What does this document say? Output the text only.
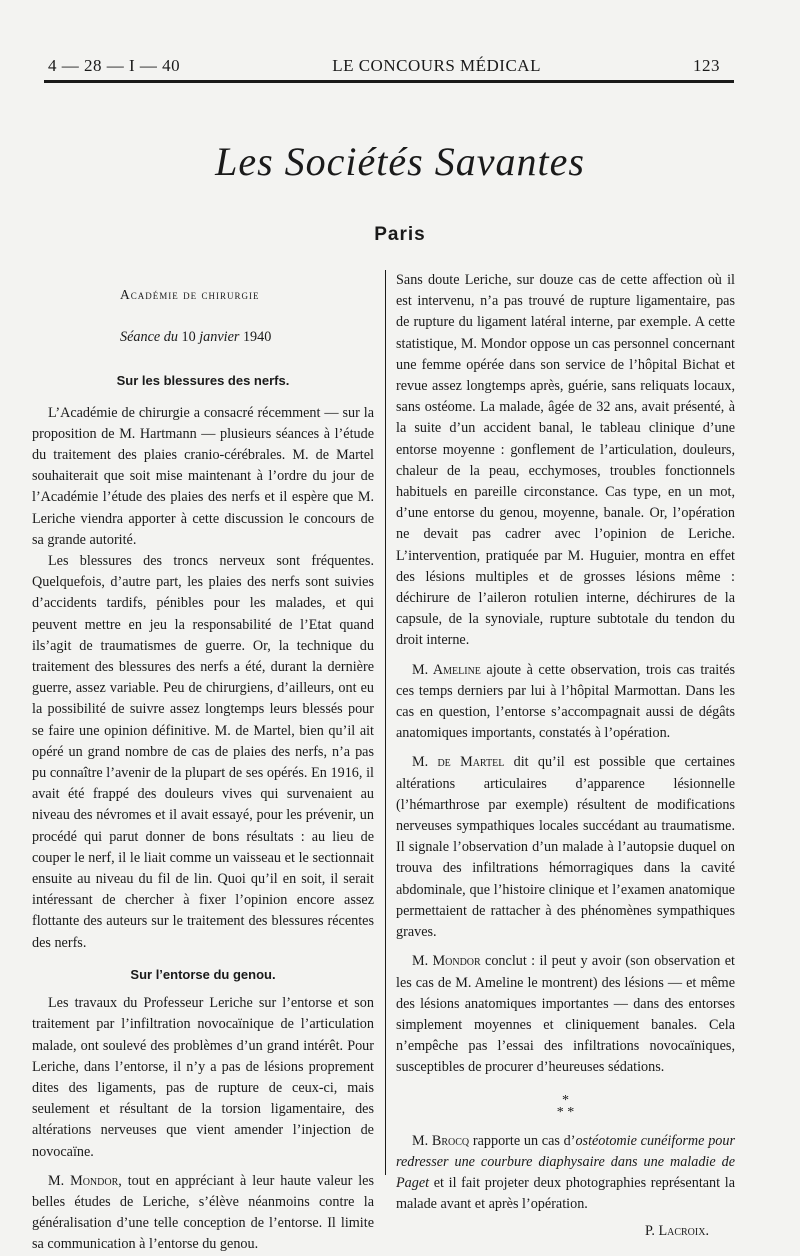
4 — 28 — I — 40	LE CONCOURS MÉDICAL	123
Les Sociétés Savantes
Paris

Académie de chirurgie

Séance du 10 janvier 1940

Sur les blessures des nerfs.

L’Académie de chirurgie a consacré récemment — sur la proposition de M. Hartmann — plusieurs séances à l’étude du traitement des plaies cranio-cérébrales. M. de Martel souhaiterait que soit mise maintenant à l’ordre du jour de l’Académie l’étude des plaies des nerfs et il espère que M. Leriche viendra apporter à cette discussion le concours de sa grande autorité.

Les blessures des troncs nerveux sont fréquentes. Quelquefois, d’autre part, les plaies des nerfs sont suivies d’accidents tardifs, pénibles pour les malades, et qui peuvent mettre en jeu la responsabilité de l’Etat quand ils’agit de traumatismes de guerre. Or, la technique du traitement des blessures des nerfs a été, durant la dernière guerre, assez variable. Peu de chirurgiens, d’ailleurs, ont eu la possibilité de suivre assez longtemps leurs blessés pour se faire une opinion définitive. M. de Martel, bien qu’il ait opéré un grand nombre de cas de plaies des nerfs, n’a pas pu connaître l’avenir de la plupart de ses opérés. En 1916, il avait été frappé des douleurs vives qui survenaient au niveau des névromes et il avait essayé, pour les prévenir, un procédé qui parut donner de bons résultats : au lieu de couper le nerf, il le liait comme un vaisseau et le sectionnait ensuite au niveau du fil de lin. Quoi qu’il en soit, il serait intéressant de chercher à fixer l’opinion encore assez flottante des auteurs sur le traitement des blessures récentes des nerfs.

Sur l’entorse du genou.

Les travaux du Professeur Leriche sur l’entorse et son traitement par l’infiltration novocaïnique de l’articulation malade, ont soulevé des problèmes d’un grand intérêt. Pour Leriche, dans l’entorse, il n’y a pas de lésions proprement dites des ligaments, pas de rupture de ceux-ci, mais seulement et résultant de la torsion ligamentaire, des altérations nerveuses que vient amender l’injection de novocaïne.

M. Mondor, tout en appréciant à leur haute valeur les belles études de Leriche, s’élève néanmoins contre la généralisation d’une telle conception de l’entorse. Il limite sa communication à l’entorse du genou.

Sans doute Leriche, sur douze cas de cette affection où il est intervenu, n’a pas trouvé de rupture ligamentaire, pas de rupture du ligament latéral interne, par exemple. A cette statistique, M. Mondor oppose un cas personnel concernant une femme opérée dans son service de l’hôpital Bichat et revue assez longtemps après, guérie, sans reliquats locaux, sans ostéome. La malade, âgée de 32 ans, avait présenté, à la suite d’un accident banal, le tableau clinique d’une entorse moyenne : gonflement de l’articulation, douleurs, chaleur de la peau, ecchymoses, troubles fonctionnels habituels en pareille circonstance. Cas type, en un mot, d’une entorse du genou, moyenne, banale. Or, l’opération ne devait pas cadrer avec l’opinion de Leriche. L’intervention, pratiquée par M. Huguier, montra en effet des lésions multiples et de grosses lésions même : déchirure de l’aileron rotulien interne, déchirures de la capsule, de la synoviale, rupture subtotale du tendon du droit interne.

M. Ameline ajoute à cette observation, trois cas traités ces temps derniers par lui à l’hôpital Marmottan. Dans les cas en question, l’entorse s’accompagnait aussi de dégâts anatomiques importants, constatés à l’opération.

M. de Martel dit qu’il est possible que certaines altérations articulaires d’apparence lésionnelle (l’hémarthrose par exemple) résultent de modifications nerveuses sympathiques locales succédant au traumatisme. Il signale l’observation d’un malade à l’autopsie duquel on trouva des infiltrations hémorragiques dans la cavité abdominale, que l’histoire clinique et l’examen anatomique permettaient de rattacher à des phénomènes sympathiques graves.

M. Mondor conclut : il peut y avoir (son observation et les cas de M. Ameline le montrent) des lésions — et même des lésions anatomiques importantes — dans des entorses simplement moyennes et cliniquement banales. Cela n’empêche pas l’essai des infiltrations novocaïniques, susceptibles de procurer d’heureuses sédations.

*
* *

M. Brocq rapporte un cas d’ostéotomie cunéiforme pour redresser une courbure diaphysaire dans une maladie de Paget et il fait projeter deux photographies représentant la malade avant et après l’opération.

P. Lacroix.
